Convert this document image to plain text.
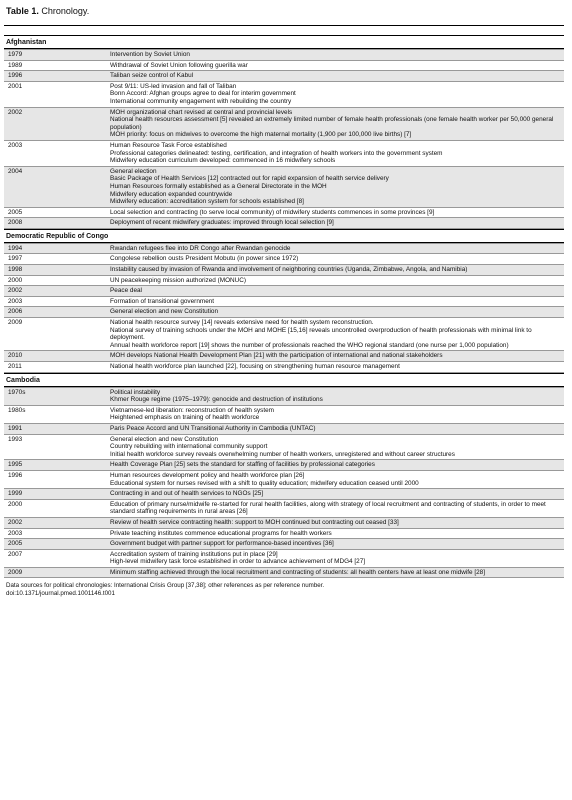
Table 1. Chronology.
Afghanistan
1979	Intervention by Soviet Union

1989	Withdrawal of Soviet Union following guerilla war

1996	Taliban seize control of Kabul

2001	Post 9/11: US-led invasion and fall of Taliban
Bonn Accord: Afghan groups agree to deal for interim government
International community engagement with rebuilding the country

2002	MOH organizational chart revised at central and provincial levels
National health resources assessment [5] revealed an extremely limited number of female health professionals (one female health worker per 50,000 general population)
MOH priority: focus on midwives to overcome the high maternal mortality (1,900 per 100,000 live births) [7]

2003	Human Resource Task Force established
Professional categories delineated: testing, certification, and integration of health workers into the government system
Midwifery education curriculum developed: commenced in 16 midwifery schools

2004	General election
Basic Package of Health Services [12] contracted out for rapid expansion of health service delivery
Human Resources formally established as a General Directorate in the MOH
Midwifery education expanded countrywide
Midwifery education: accreditation system for schools established [8]

2005	Local selection and contracting (to serve local community) of midwifery students commences in some provinces [9]

2008	Deployment of recent midwifery graduates: improved through local selection [9]
Democratic Republic of Congo
1994	Rwandan refugees flee into DR Congo after Rwandan genocide

1997	Congolese rebellion ousts President Mobutu (in power since 1972)

1998	Instability caused by invasion of Rwanda and involvement of neighboring countries (Uganda, Zimbabwe, Angola, and Namibia)

2000	UN peacekeeping mission authorized (MONUC)

2002	Peace deal

2003	Formation of transitional government

2006	General election and new Constitution

2009	National health resource survey [14] reveals extensive need for health system reconstruction.
National survey of training schools under the MOH and MOHE [15,16] reveals uncontrolled overproduction of health professionals with minimal link to deployment.
Annual health workforce report [19] shows the number of professionals reached the WHO regional standard (one nurse per 1,000 population)

2010	MOH develops National Health Development Plan [21] with the participation of international and national stakeholders

2011	National health workforce plan launched [22], focusing on strengthening human resource management
Cambodia
1970s	Political instability
Khmer Rouge regime (1975–1979): genocide and destruction of institutions

1980s	Vietnamese-led liberation: reconstruction of health system
Heightened emphasis on training of health workforce

1991	Paris Peace Accord and UN Transitional Authority in Cambodia (UNTAC)

1993	General election and new Constitution
Country rebuilding with international community support
Initial health workforce survey reveals overwhelming number of health workers, unregistered and without career structures

1995	Health Coverage Plan [25] sets the standard for staffing of facilities by professional categories

1996	Human resources development policy and health workforce plan [26]
Educational system for nurses revised with a shift to quality education; midwifery education ceased until 2000

1999	Contracting in and out of health services to NGOs [25]

2000	Education of primary nurse/midwife re-started for rural health facilities, along with strategy of local recruitment and contracting of students, in order to meet standard staffing requirements in rural areas [26]

2002	Review of health service contracting health: support to MOH continued but contracting out ceased [33]

2003	Private teaching institutes commence educational programs for health workers

2005	Government budget with partner support for performance-based incentives [36]

2007	Accreditation system of training institutions put in place [29]
High-level midwifery task force established in order to advance achievement of MDG4 [27]

2009	Minimum staffing achieved through the local recruitment and contracting of students: all health centers have at least one midwife [28]
Data sources for political chronologies: International Crisis Group [37,38]; other references as per reference number.
doi:10.1371/journal.pmed.1001146.t001
